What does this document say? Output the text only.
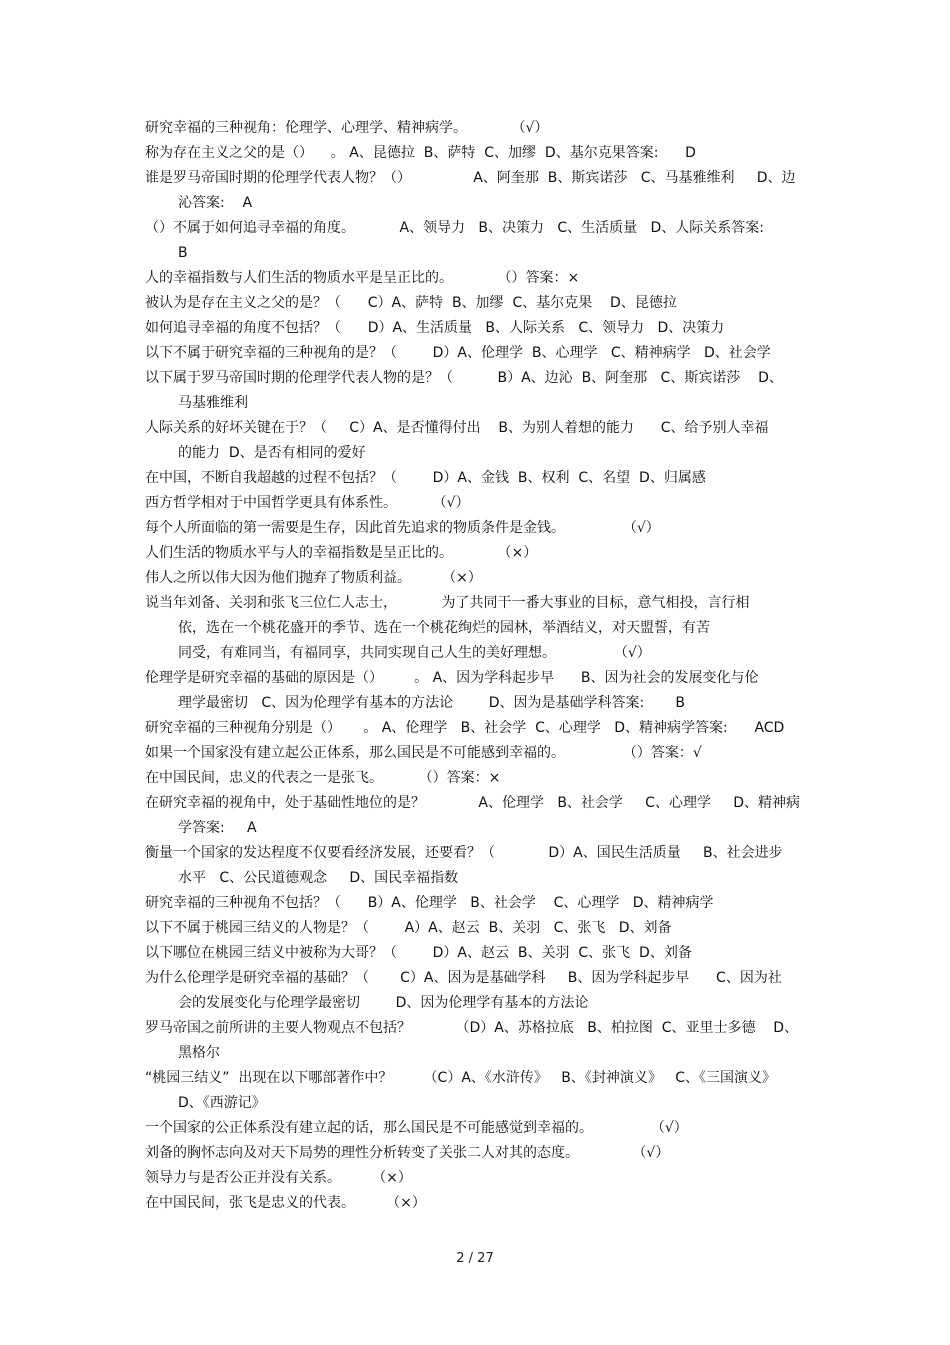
研究幸福的三种视角：伦理学、心理学、精神病学。          （√）
称为存在主义之父的是（）    。 A、昆德拉  B、萨特  C、加缪  D、基尔克果答案:      D
谁是罗马帝国时期的伦理学代表人物？（）              A、阿奎那  B、斯宾诺莎   C、马基雅维利     D、边
沁答案:    A
（）不属于如何追寻幸福的角度。          A、领导力   B、决策力   C、生活质量   D、人际关系答案:
B
人的幸福指数与人们生活的物质水平是呈正比的。          （）答案：×
被认为是存在主义之父的是？（      C）A、萨特  B、加缪  C、基尔克果    D、昆德拉
如何追寻幸福的角度不包括？（      D）A、生活质量   B、人际关系   C、领导力   D、决策力
以下不属于研究幸福的三种视角的是？（        D）A、伦理学  B、心理学   C、精神病学   D、社会学
以下属于罗马帝国时期的伦理学代表人物的是？（          B）A、边沁  B、阿奎那   C、斯宾诺莎    D、
马基雅维利
人际关系的好坏关键在于？（     C）A、是否懂得付出    B、为别人着想的能力      C、给予别人幸福
的能力  D、是否有相同的爱好
在中国，不断自我超越的过程不包括？（        D）A、金钱  B、权利  C、名望  D、归属感
西方哲学相对于中国哲学更具有体系性。        （√）
每个人所面临的第一需要是生存，因此首先追求的物质条件是金钱。             （√）
人们生活的物质水平与人的幸福指数是呈正比的。          （×）
伟人之所以伟大因为他们抛弃了物质利益。       （×）
说当年刘备、关羽和张飞三位仁人志士，          为了共同干一番大事业的目标，意气相投，言行相
依，选在一个桃花盛开的季节、选在一个桃花绚烂的园林，举酒结义，对天盟誓，有苦
同受，有难同当，有福同享，共同实现自己人生的美好理想。             （√）
伦理学是研究幸福的基础的原因是（）       。 A、因为学科起步早      B、因为社会的发展变化与伦
理学最密切   C、因为伦理学有基本的方法论        D、因为是基础学科答案:       B
研究幸福的三种视角分别是（）     。 A、伦理学   B、社会学  C、心理学   D、精神病学答案:      ACD
如果一个国家没有建立起公正体系，那么国民是不可能感到幸福的。             （）答案：√
在中国民间，忠义的代表之一是张飞。        （）答案：×
在研究幸福的视角中，处于基础性地位的是？            A、伦理学   B、社会学     C、心理学     D、精神病
学答案:     A
衡量一个国家的发达程度不仅要看经济发展，还要看？（            D）A、国民生活质量     B、社会进步
水平   C、公民道德观念     D、国民幸福指数
研究幸福的三种视角不包括？（      B）A、伦理学   B、社会学    C、心理学   D、精神病学
以下不属于桃园三结义的人物是？（        A）A、赵云  B、关羽   C、张飞   D、刘备
以下哪位在桃园三结义中被称为大哥？（        D）A、赵云  B、关羽  C、张飞  D、刘备
为什么伦理学是研究幸福的基础？（       C）A、因为是基础学科     B、因为学科起步早      C、因为社
会的发展变化与伦理学最密切        D、因为伦理学有基本的方法论
罗马帝国之前所讲的主要人物观点不包括？          （D）A、苏格拉底   B、柏拉图  C、亚里士多德    D、
黑格尔
“桃园三结义”  出现在以下哪部著作中？       （C）A、《水浒传》   B、《封神演义》   C、《三国演义》
D、《西游记》
一个国家的公正体系没有建立起的话，那么国民是不可能感觉到幸福的。             （√）
刘备的胸怀志向及对天下局势的理性分析转变了关张二人对其的态度。            （√）
领导力与是否公正并没有关系。       （×）
在中国民间，张飞是忠义的代表。       （×）
2 / 27
